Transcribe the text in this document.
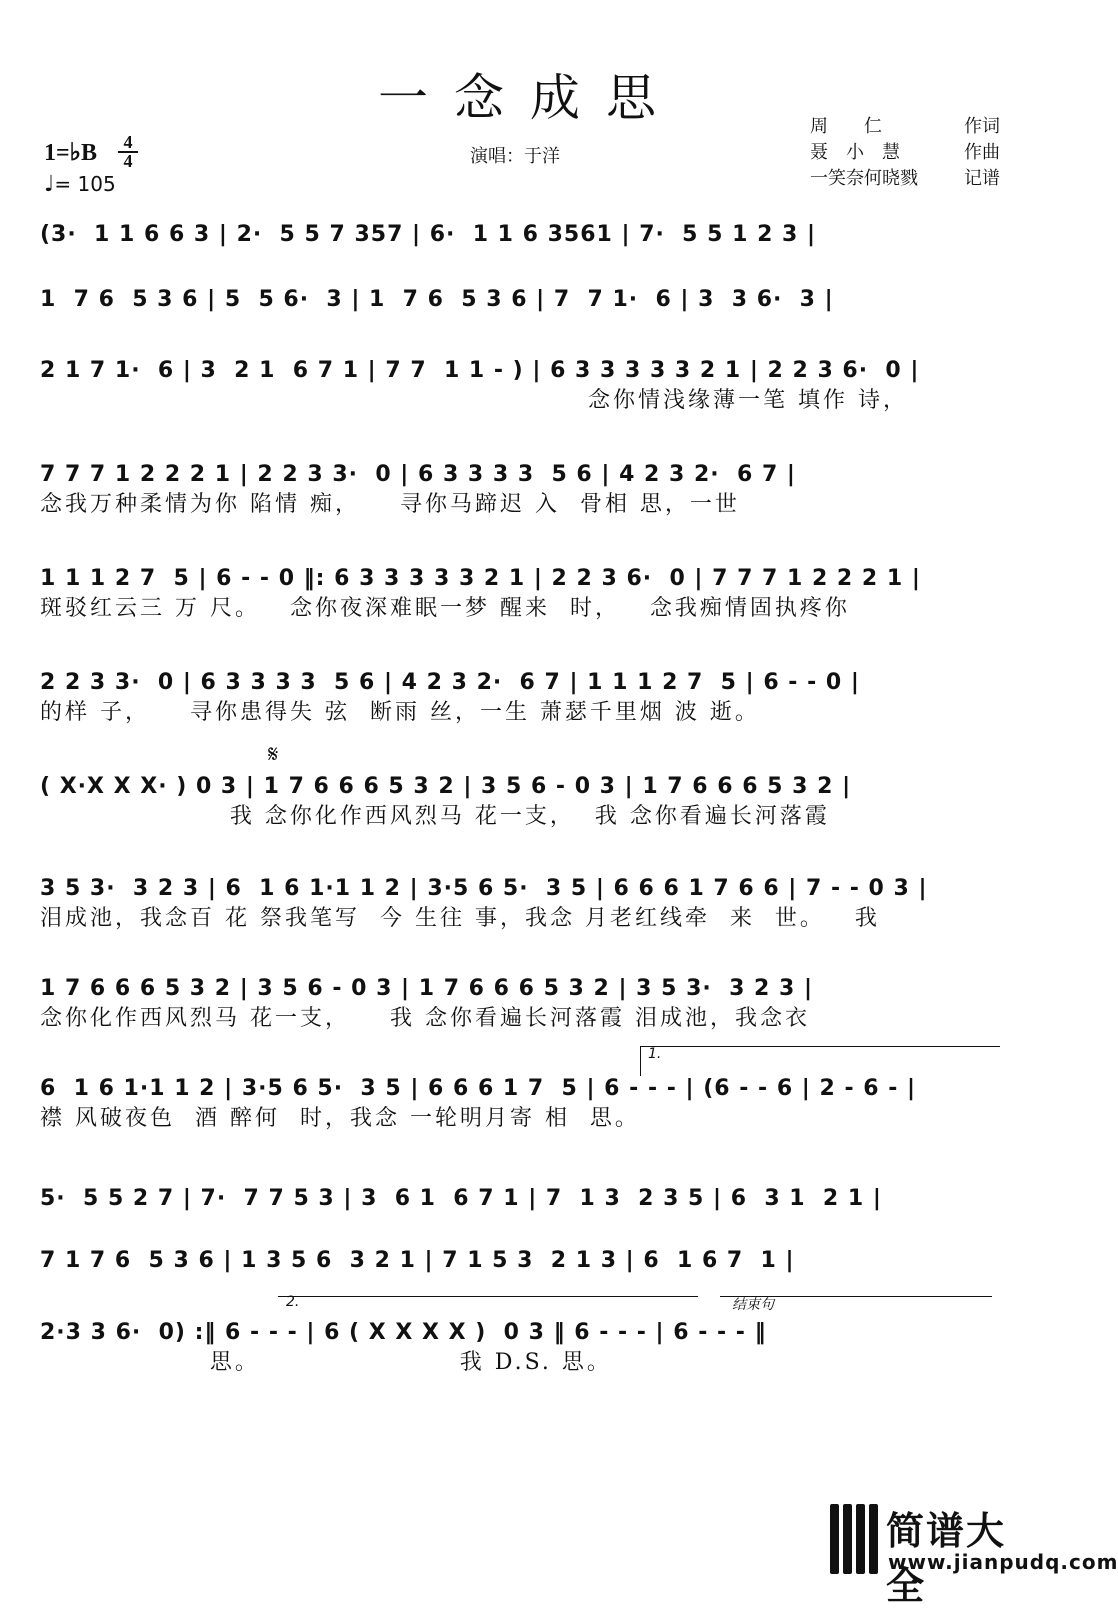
一念成思
1=♭B	4
4
♩= 105
演唱：于洋
周　　仁	作词
聂　小　慧	作曲
一笑奈何晓戮	记谱
(3·  1 1 6 6 3 | 2·  5 5 7 357 | 6·  1 1 6 3561 | 7·  5 5 1 2 3 |
1  7 6  5 3 6 | 5  5 6·  3 | 1  7 6  5 3 6 | 7  7 1·  6 | 3  3 6·  3 |
2 1 7 1·  6 | 3  2 1  6 7 1 | 7 7  1 1 - ) | 6 3 3 3 3 3 2 1 | 2 2 3 6·  0 |
念你情浅缘薄一笔 填作 诗，
7 7 7 1 2 2 2 1 | 2 2 3 3·  0 | 6 3 3 3 3  5 6 | 4 2 3 2·  6 7 |
念我万种柔情为你 陷情 痴，    寻你马蹄迟 入  骨相 思，一世
1 1 1 2 7  5 | 6 - - 0 ‖: 6 3 3 3 3 3 2 1 | 2 2 3 6·  0 | 7 7 7 1 2 2 2 1 |
斑驳红云三 万 尺。   念你夜深难眠一梦 醒来  时，   念我痴情固执疼你
2 2 3 3·  0 | 6 3 3 3 3  5 6 | 4 2 3 2·  6 7 | 1 1 1 2 7  5 | 6 - - 0 |
的样 子，    寻你患得失 弦  断雨 丝，一生 萧瑟千里烟 波 逝。
𝄋
( X·X X X· ) 0 3 | 1 7 6 6 6 5 3 2 | 3 5 6 - 0 3 | 1 7 6 6 6 5 3 2 |
我 念你化作西风烈马 花一支，  我 念你看遍长河落霞
3 5 3·  3 2 3 | 6  1 6 1·1 1 2 | 3·5 6 5·  3 5 | 6 6 6 1 7 6 6 | 7 - - 0 3 |
泪成池，我念百 花 祭我笔写  今 生往 事，我念 月老红线牵  来  世。   我
1 7 6 6 6 5 3 2 | 3 5 6 - 0 3 | 1 7 6 6 6 5 3 2 | 3 5 3·  3 2 3 |
念你化作西风烈马 花一支，    我 念你看遍长河落霞 泪成池，我念衣
1.
6  1 6 1·1 1 2 | 3·5 6 5·  3 5 | 6 6 6 1 7  5 | 6 - - - | (6 - - 6 | 2 - 6 - |
襟 风破夜色  酒 醉何  时，我念 一轮明月寄 相  思。
5·  5 5 2 7 | 7·  7 7 5 3 | 3  6 1  6 7 1 | 7  1 3  2 3 5 | 6  3 1  2 1 |
7 1 7 6  5 3 6 | 1 3 5 6  3 2 1 | 7 1 5 3  2 1 3 | 6  1 6 7  1 |
2.	结束句
2·3 3 6·  0) :‖ 6 - - - | 6 ( X X X X )  0 3 ‖ 6 - - - | 6 - - - ‖
思。                    我 D.S. 思。
简谱大全
www.jianpudq.com
